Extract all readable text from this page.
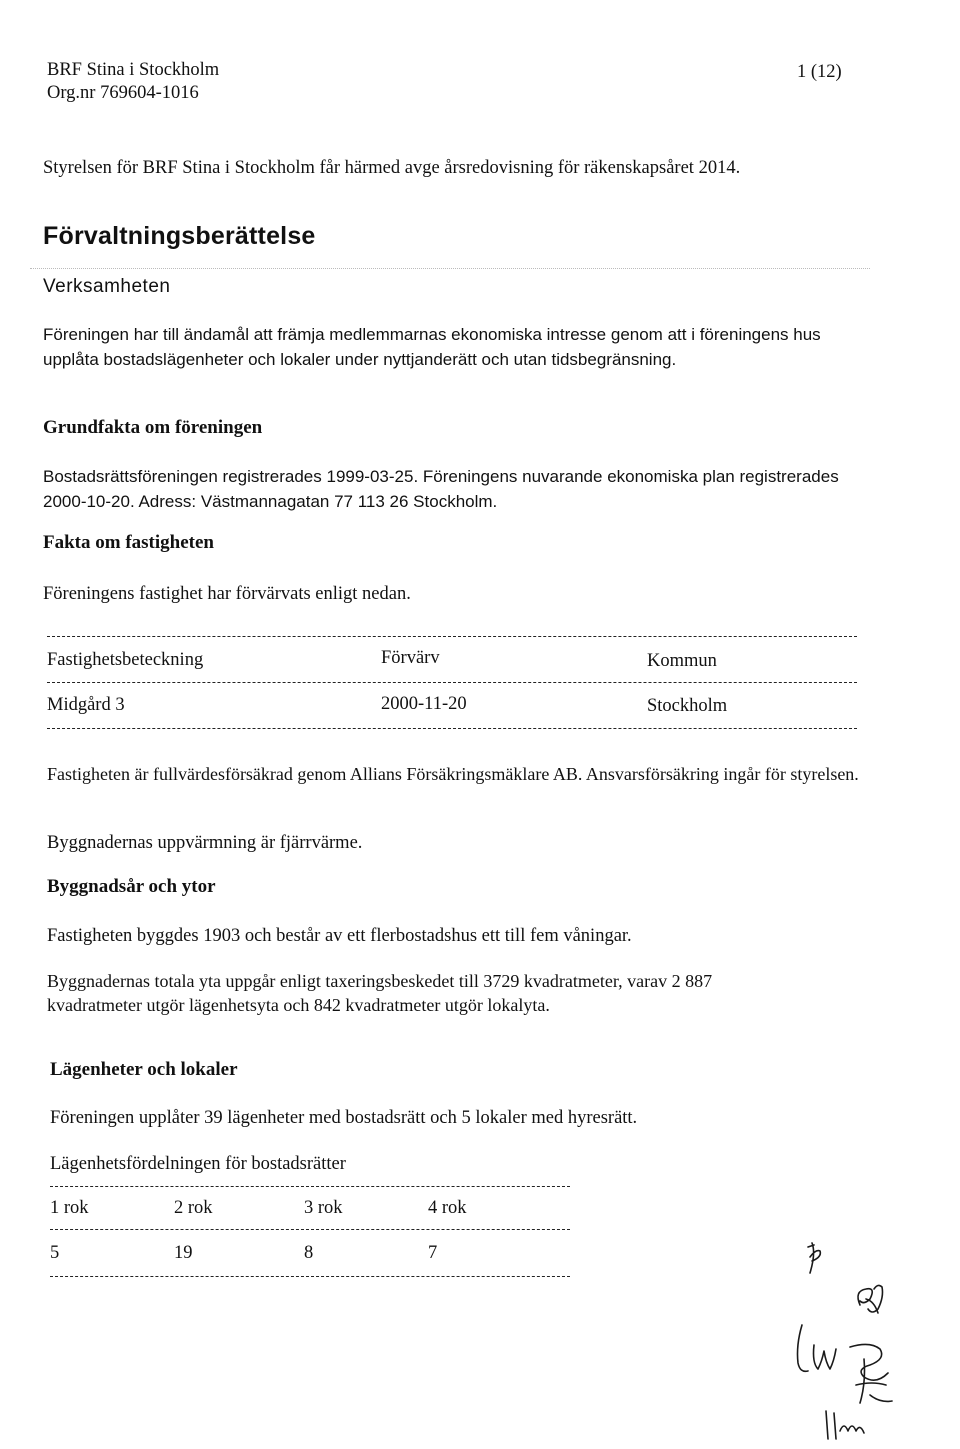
BRF Stina i Stockholm
Org.nr 769604-1016
1 (12)
Styrelsen för BRF Stina i Stockholm får härmed avge årsredovisning för räkenskapsåret 2014.
Förvaltningsberättelse
Verksamheten
Föreningen har till ändamål att främja medlemmarnas ekonomiska intresse genom att i föreningens hus upplåta bostadslägenheter och lokaler under nyttjanderätt och utan tidsbegränsning.
Grundfakta om föreningen
Bostadsrättsföreningen registrerades 1999-03-25. Föreningens nuvarande ekonomiska plan registrerades 2000-10-20. Adress: Västmannagatan 77 113 26 Stockholm.
Fakta om fastigheten
Föreningens fastighet har förvärvats enligt nedan.
Fastighetsbeteckning	Förvärv	Kommun
Midgård 3	2000-11-20	Stockholm
Fastigheten är fullvärdesförsäkrad genom Allians Försäkringsmäklare AB. Ansvarsförsäkring ingår för styrelsen.
Byggnadernas uppvärmning är fjärrvärme.
Byggnadsår och ytor
Fastigheten byggdes 1903 och består av ett flerbostadshus ett till fem våningar.
Byggnadernas totala yta uppgår enligt taxeringsbeskedet till 3729 kvadratmeter, varav 2 887 kvadratmeter utgör lägenhetsyta och 842 kvadratmeter utgör lokalyta.
Lägenheter och lokaler
Föreningen upplåter 39 lägenheter med bostadsrätt och 5 lokaler med hyresrätt.
Lägenhetsfördelningen för bostadsrätter
1 rok	2 rok	3 rok	4 rok
5	19	8	7
